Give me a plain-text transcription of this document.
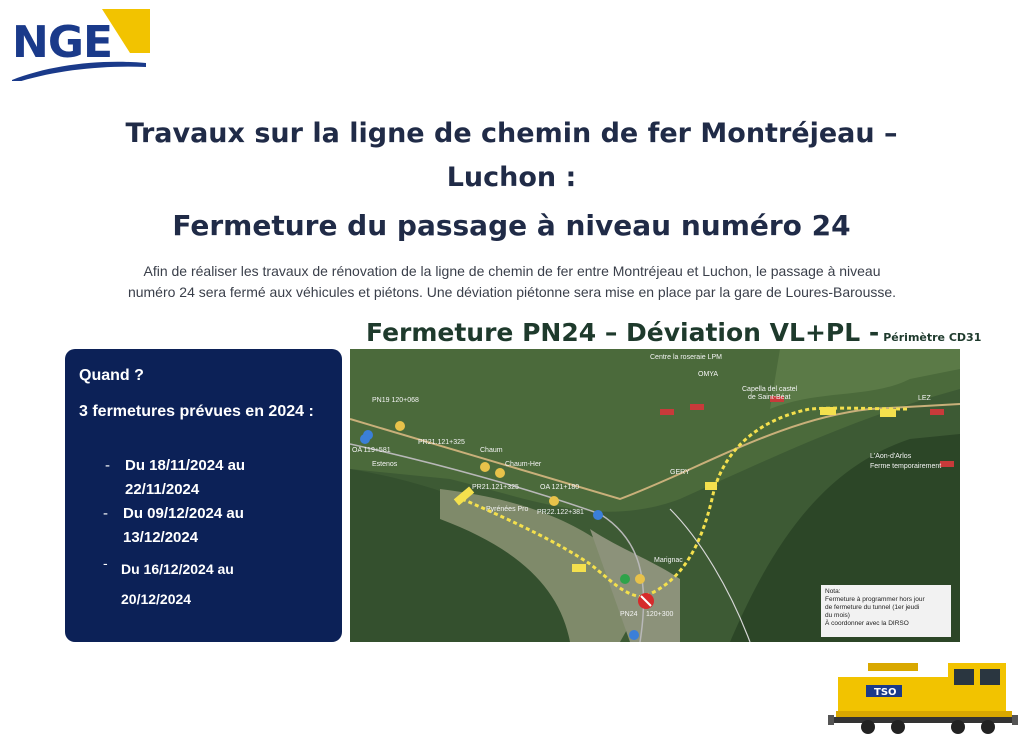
NGE
Travaux sur la ligne de chemin de fer Montréjeau –
Luchon :
Fermeture du passage à niveau numéro 24
Afin de réaliser les travaux de rénovation de la ligne de chemin de fer entre Montréjeau et Luchon, le passage à niveau
numéro 24 sera fermé aux véhicules et piétons. Une déviation piétonne sera mise en place par la gare de Loures-Barousse.
Fermeture PN24 – Déviation VL+PL - Périmètre CD31
Quand ?
3 fermetures prévues en 2024 :
- Du 18/11/2024 au
22/11/2024
- Du 09/12/2024 au
13/12/2024
- Du 16/12/2024 au
20/12/2024
Centre la roseraie LPM
OMYA
Capella del castel
de Saint-Béat
PN19 120+068
PR21.121+325
Chaum
Chaum-Her
Estenos
PR21.121+325
GERY
OA 121+180
PR22.122+381
Pyrénées Pro
Marignac
PN24 120+300
L'Aon-d'Arlos
Ferme temporairement
LEZ
OA 119+581
Nota:
Fermeture à programmer hors jour
de fermeture du tunnel (1er jeudi
du mois)
À coordonner avec la DIRSO
TSO
